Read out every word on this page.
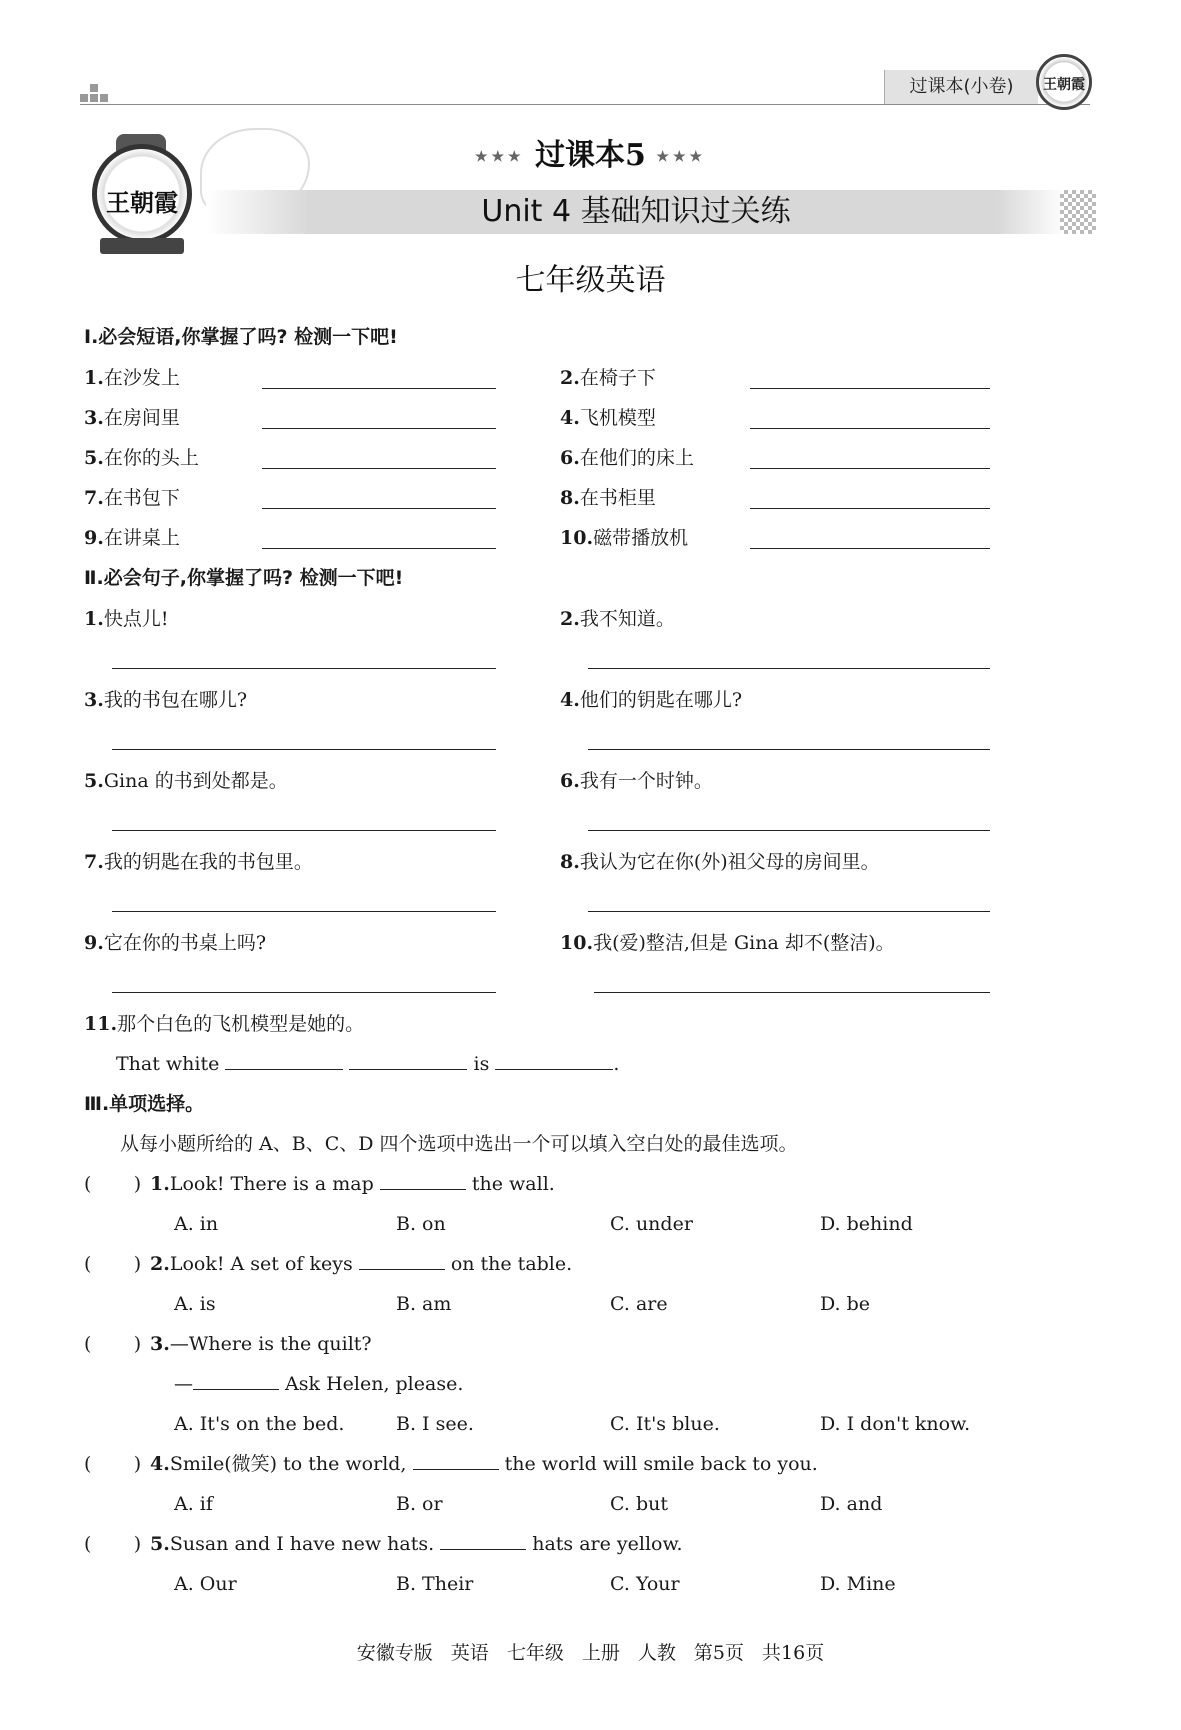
过课本(小卷)	王朝霞
王朝霞
★★★ 过课本5 ★★★
Unit 4 基础知识过关练
七年级英语
Ⅰ.必会短语,你掌握了吗? 检测一下吧!
1.在沙发上	2.在椅子下
3.在房间里	4.飞机模型
5.在你的头上	6.在他们的床上
7.在书包下	8.在书柜里
9.在讲桌上	10.磁带播放机
Ⅱ.必会句子,你掌握了吗? 检测一下吧!
1.快点儿!	2.我不知道。
3.我的书包在哪儿?	4.他们的钥匙在哪儿?
5.Gina 的书到处都是。	6.我有一个时钟。
7.我的钥匙在我的书包里。	8.我认为它在你(外)祖父母的房间里。
9.它在你的书桌上吗?	10.我(爱)整洁,但是 Gina 却不(整洁)。
11.那个白色的飞机模型是她的。
That white	is	.
Ⅲ.单项选择。
从每小题所给的 A、B、C、D 四个选项中选出一个可以填入空白处的最佳选项。
(       ) 1.Look! There is a map	the wall.
A. in	B. on	C. under	D. behind
(       ) 2.Look! A set of keys	on the table.
A. is	B. am	C. are	D. be
(       ) 3.—Where is the quilt?
—	Ask Helen, please.
A. It's on the bed.	B. I see.	C. It's blue.	D. I don't know.
(       ) 4.Smile(微笑) to the world,	the world will smile back to you.
A. if	B. or	C. but	D. and
(       ) 5.Susan and I have new hats.	hats are yellow.
A. Our	B. Their	C. Your	D. Mine
安徽专版 英语 七年级 上册 人教 第5页 共16页
